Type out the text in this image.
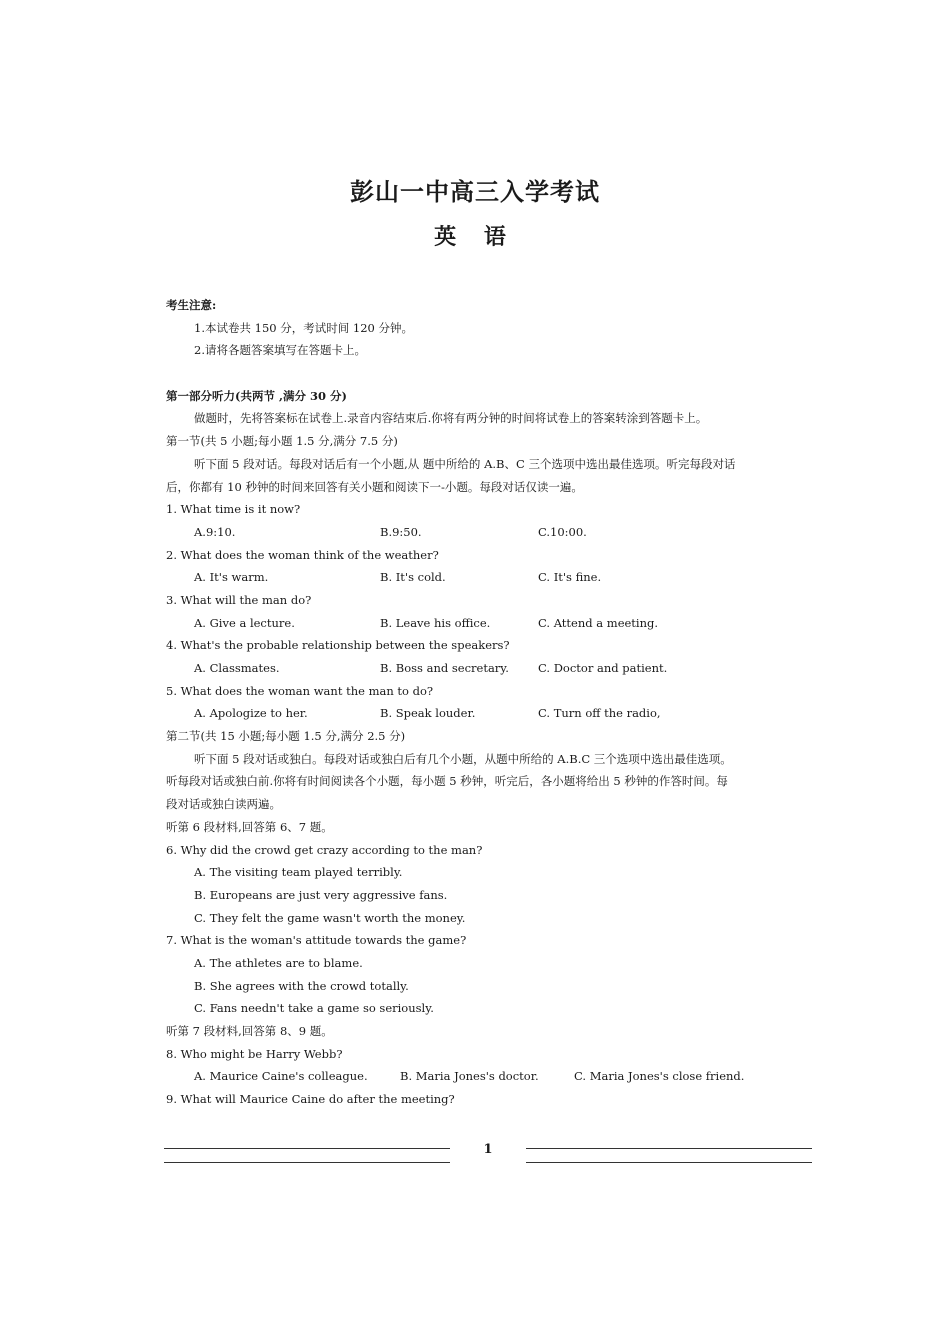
彭山一中高三入学考试
英 语
考生注意:
1.本试卷共 150 分，考试时间 120 分钟。
2.请将各题答案填写在答题卡上。
第一部分听力(共两节 ,满分 30 分)
做题时，先将答案标在试卷上.录音内容结束后.你将有两分钟的时间将试卷上的答案转涂到答题卡上。
第一节(共 5 小题;每小题 1.5 分,满分 7.5 分)
听下面 5 段对话。每段对话后有一个小题,从 题中所给的 A.B、C 三个选项中选出最佳选项。听完每段对话
后，你都有 10 秒钟的时间来回答有关小题和阅读下一-小题。每段对话仅读一遍。
1. What time is it now?
A.9:10.	B.9:50.	C.10:00.
2. What does the woman think of the weather?
A. It's warm.	B. It's cold.	C. It's fine.
3. What will the man do?
A. Give a lecture.	B. Leave his office.	C. Attend a meeting.
4. What's the probable relationship between the speakers?
A. Classmates.	B. Boss and secretary.	C. Doctor and patient.
5. What does the woman want the man to do?
A. Apologize to her.	B. Speak louder.	C. Turn off the radio,
第二节(共 15 小题;每小题 1.5 分,满分 2.5 分)
听下面 5 段对话或独白。每段对话或独白后有几个小题，从题中所给的 A.B.C 三个选项中选出最佳选项。
听每段对话或独白前.你将有时间阅读各个小题，每小题 5 秒钟，听完后，各小题将给出 5 秒钟的作答时间。每
段对话或独白读两遍。
听第 6 段材料,回答第 6、7 题。
6. Why did the crowd get crazy according to the man?
A. The visiting team played terribly.
B. Europeans are just very aggressive fans.
C. They felt the game wasn't worth the money.
7. What is the woman's attitude towards the game?
A. The athletes are to blame.
B. She agrees with the crowd totally.
C. Fans needn't take a game so seriously.
听第 7 段材料,回答第 8、9 题。
8. Who might be Harry Webb?
A. Maurice Caine's colleague.	B. Maria Jones's doctor.	C. Maria Jones's close friend.
9. What will Maurice Caine do after the meeting?
1
